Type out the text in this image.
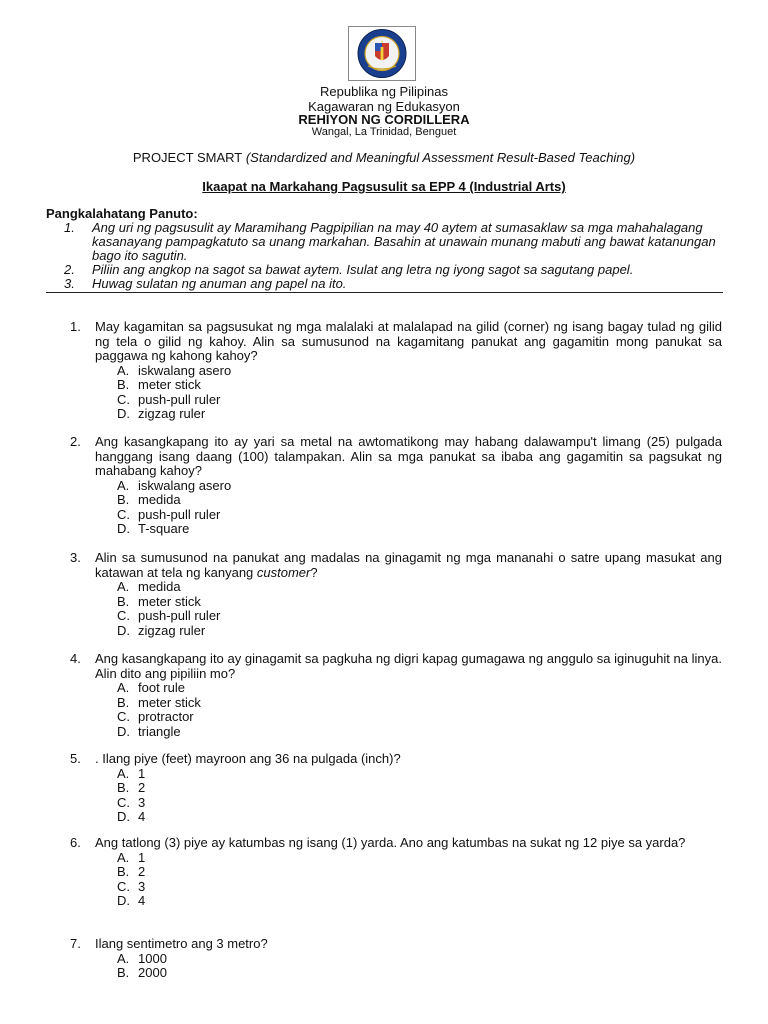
Republika ng Pilipinas
Kagawaran ng Edukasyon
REHIYON NG CORDILLERA
Wangal, La Trinidad, Benguet
PROJECT SMART (Standardized and Meaningful Assessment Result-Based Teaching)
Ikaapat na Markahang Pagsusulit sa EPP 4 (Industrial Arts)
Pangkalahatang Panuto:
1.	Ang uri ng pagsusulit ay Maramihang Pagpipilian na may 40 aytem at sumasaklaw sa mga mahahalagang kasanayang pampagkatuto sa unang markahan. Basahin at unawain munang mabuti ang bawat katanungan bago ito sagutin.
2.	Piliin ang angkop na sagot sa bawat aytem. Isulat ang letra ng iyong sagot sa sagutang papel.
3.	Huwag sulatan ng anuman ang papel na ito.
1. May kagamitan sa pagsusukat ng mga malalaki at malalapad na gilid (corner) ng isang bagay tulad ng gilid ng tela o gilid ng kahoy. Alin sa sumusunod na kagamitang panukat ang gagamitin mong panukat sa paggawa ng kahong kahoy?
A. iskwalang asero
B. meter stick
C. push-pull ruler
D. zigzag ruler
2. Ang kasangkapang ito ay yari sa metal na awtomatikong may habang dalawampu't limang (25) pulgada hanggang isang daang (100) talampakan. Alin sa mga panukat sa ibaba ang gagamitin sa pagsukat ng mahabang kahoy?
A. iskwalang asero
B. medida
C. push-pull ruler
D. T-square
3. Alin sa sumusunod na panukat ang madalas na ginagamit ng mga mananahi o satre upang masukat ang katawan at tela ng kanyang customer?
A. medida
B. meter stick
C. push-pull ruler
D. zigzag ruler
4. Ang kasangkapang ito ay ginagamit sa pagkuha ng digri kapag gumagawa ng anggulo sa iginuguhit na linya. Alin dito ang pipiliin mo?
A. foot rule
B. meter stick
C. protractor
D. triangle
5. . Ilang piye (feet) mayroon ang 36 na pulgada (inch)?
A. 1
B. 2
C. 3
D. 4
6. Ang tatlong (3) piye ay katumbas ng isang (1) yarda. Ano ang katumbas na sukat ng 12 piye sa yarda?
A. 1
B. 2
C. 3
D. 4
7. Ilang sentimetro ang 3 metro?
A. 1000
B. 2000
